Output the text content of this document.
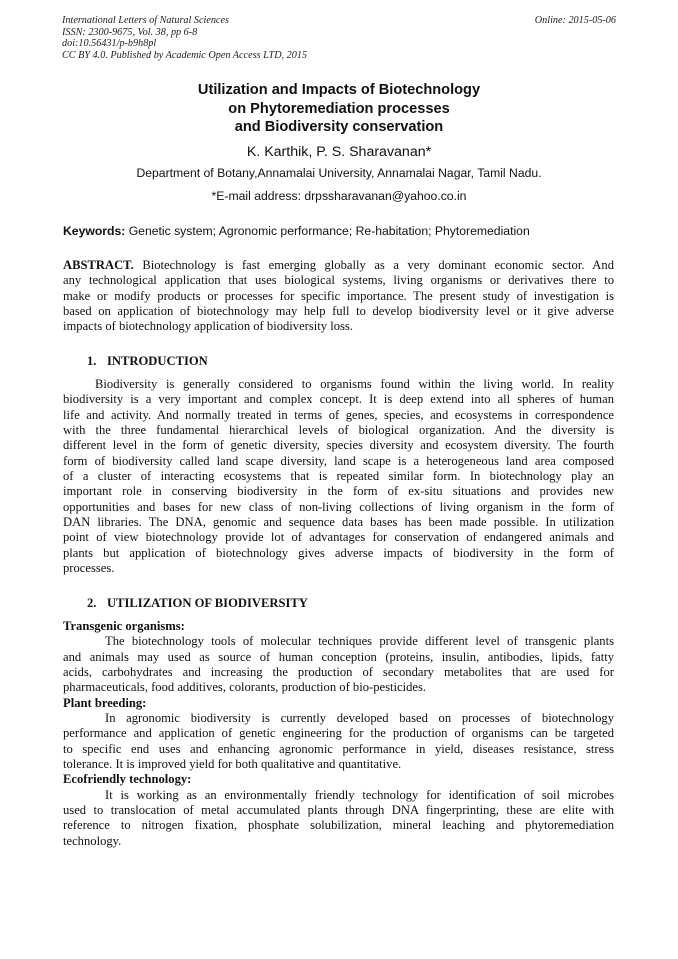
International Letters of Natural Sciences
ISSN: 2300-9675, Vol. 38, pp 6-8
doi:10.56431/p-b9h8pl
CC BY 4.0. Published by Academic Open Access LTD, 2015
Online: 2015-05-06
Utilization and Impacts of Biotechnology
on Phytoremediation processes
and Biodiversity conservation
K. Karthik, P. S. Sharavanan*
Department of Botany,Annamalai University, Annamalai Nagar, Tamil Nadu.
*E-mail address: drpssharavanan@yahoo.co.in
Keywords: Genetic system; Agronomic performance; Re-habitation; Phytoremediation
ABSTRACT. Biotechnology is fast emerging globally as a very dominant economic sector. And
any technological application that uses biological systems, living organisms or derivatives there to
make or modify products or processes for specific importance. The present study of investigation is
based on application of biotechnology may help full to develop biodiversity level or it give adverse
impacts of biotechnology application of biodiversity loss.
1. INTRODUCTION
Biodiversity is generally considered to organisms found within the living world. In reality
biodiversity is a very important and complex concept. It is deep extend into all spheres of human
life and activity. And normally treated in terms of genes, species, and ecosystems in correspondence
with the three fundamental hierarchical levels of biological organization. And the diversity is
different level in the form of genetic diversity, species diversity and ecosystem diversity. The fourth
form of biodiversity called land scape diversity, land scape is a heterogeneous land area composed
of a cluster of interacting ecosystems that is repeated similar form. In biotechnology play an
important role in conserving biodiversity in the form of ex-situ situations and provides new
opportunities and bases for new class of non-living collections of living organism in the form of
DAN libraries. The DNA, genomic and sequence data bases has been made possible. In utilization
point of view biotechnology provide lot of advantages for conservation of endangered animals and
plants but application of biotechnology gives adverse impacts of biodiversity in the form of
processes.
2. UTILIZATION OF BIODIVERSITY
Transgenic organisms:
The biotechnology tools of molecular techniques provide different level of transgenic plants
and animals may used as source of human conception (proteins, insulin, antibodies, lipids, fatty
acids, carbohydrates and increasing the production of secondary metabolites that are used for
pharmaceuticals, food additives, colorants, production of bio-pesticides.
Plant breeding:
In agronomic biodiversity is currently developed based on processes of biotechnology
performance and application of genetic engineering for the production of organisms can be targeted
to specific end uses and enhancing agronomic performance in yield, diseases resistance, stress
tolerance. It is improved yield for both qualitative and quantitative.
Ecofriendly technology:
It is working as an environmentally friendly technology for identification of soil microbes
used to translocation of metal accumulated plants through DNA fingerprinting, these are elite with
reference to nitrogen fixation, phosphate solubilization, mineral leaching and phytoremediation
technology.
